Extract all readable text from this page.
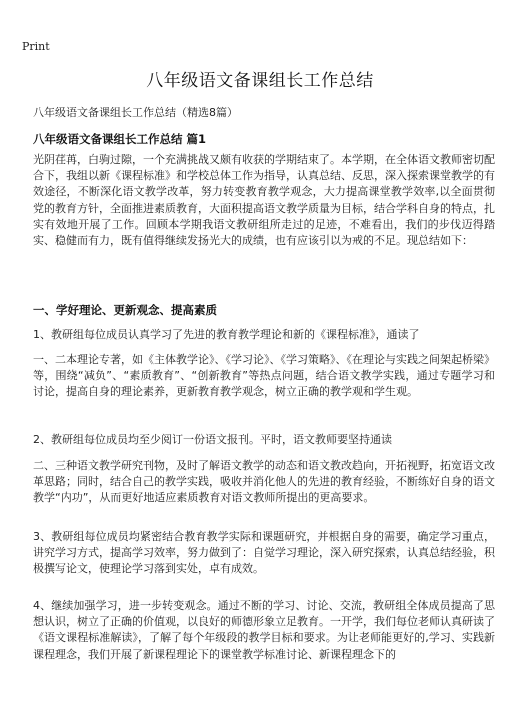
Print
八年级语文备课组长工作总结
八年级语文备课组长工作总结（精选8篇）
八年级语文备课组长工作总结 篇1

光阴荏苒，白驹过隙，一个充满挑战又颇有收获的学期结束了。本学期，在全体语文教师密切配合下，我组以新《课程标准》和学校总体工作为指导，认真总结、反思，深入探索课堂教学的有效途径，不断深化语文教学改革，努力转变教育教学观念，大力提高课堂教学效率,以全面贯彻党的教育方针，全面推进素质教育，大面积提高语文教学质量为目标，结合学科自身的特点，扎实有效地开展了工作。回顾本学期我语文教研组所走过的足迹，不难看出，我们的步伐迈得踏实、稳健而有力，既有值得继续发扬光大的成绩，也有应该引以为戒的不足。现总结如下：

一、学好理论、更新观念、提高素质

1、教研组每位成员认真学习了先进的教育教学理论和新的《课程标准》，通读了

一、二本理论专著，如《主体教学论》、《学习论》、《学习策略》、《在理论与实践之间架起桥梁》等，围绕“减负”、“素质教育”、“创新教育”等热点问题，结合语文教学实践，通过专题学习和讨论，提高自身的理论素养，更新教育教学观念，树立正确的教学观和学生观。

2、教研组每位成员均至少阅订一份语文报刊。平时，语文教师要坚持通读

二、三种语文教学研究刊物，及时了解语文教学的动态和语文教改趋向，开拓视野，拓宽语文改革思路；同时，结合自己的教学实践，吸收并消化他人的先进的教育经验，不断练好自身的语文教学“内功”，从而更好地适应素质教育对语文教师所提出的更高要求。

3、教研组每位成员均紧密结合教育教学实际和课题研究，并根据自身的需要，确定学习重点，讲究学习方式，提高学习效率，努力做到了：自觉学习理论，深入研究探索，认真总结经验，积极撰写论文，使理论学习落到实处，卓有成效。

4、继续加强学习，进一步转变观念。通过不断的学习、讨论、交流，教研组全体成员提高了思想认识，树立了正确的价值观，以良好的师德形象立足教育。一开学，我们每位老师认真研读了《语文课程标准解读》，了解了每个年级段的教学目标和要求。为让老师能更好的,学习、实践新课程理念，我们开展了新课程理论下的课堂教学标准讨论、新课程理念下的
